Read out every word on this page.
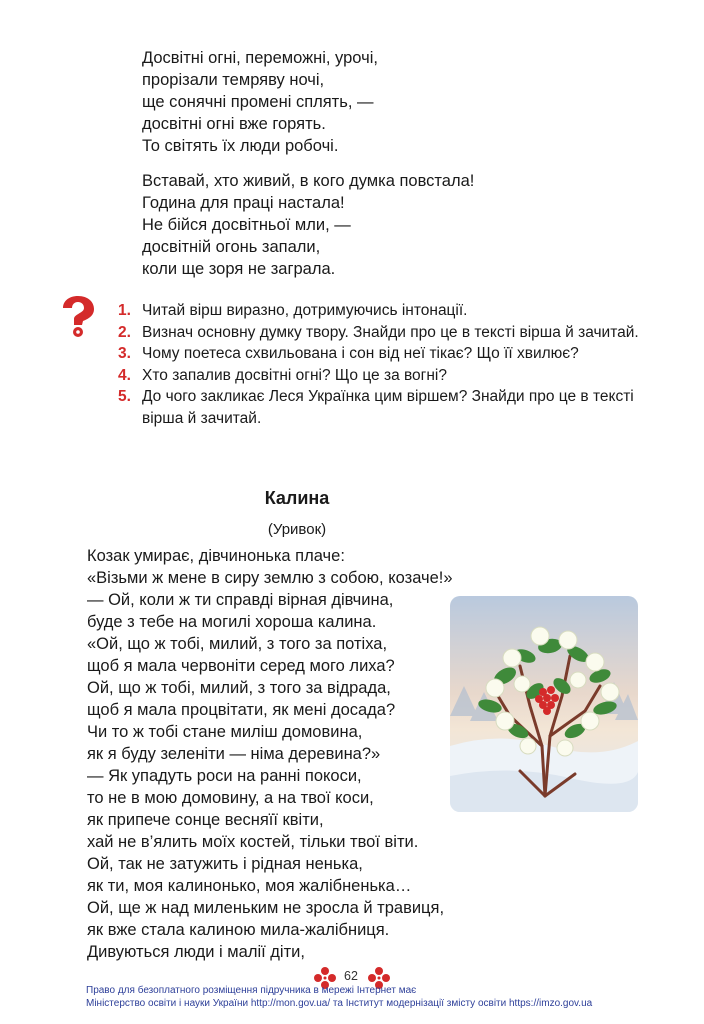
Досвітні огні, переможні, урочі,
прорізали темряву ночі,
ще сонячні промені сплять, —
досвітні огні вже горять.
То світять їх люди робочі.
Вставай, хто живий, в кого думка повстала!
Година для праці настала!
Не бійся досвітньої мли, —
досвітній огонь запали,
коли ще зоря не заграла.
1. Читай вірш виразно, дотримуючись інтонації.
2. Визнач основну думку твору. Знайди про це в тексті вірша й зачитай.
3. Чому поетеса схвильована і сон від неї тікає? Що її хвилює?
4. Хто запалив досвітні огні? Що це за вогні?
5. До чого закликає Леся Українка цим віршем? Знайди про це в тексті вірша й зачитай.
Калина
(Уривок)
Козак умирає, дівчинонька плаче:
«Візьми ж мене в сиру землю з собою, козаче!»
— Ой, коли ж ти справді вірная дівчина,
буде з тебе на могилі хороша калина.
«Ой, що ж тобі, милий, з того за потіха,
щоб я мала червоніти серед мого лиха?
Ой, що ж тобі, милий, з того за відрада,
щоб я мала процвітати, як мені досада?
Чи то ж тобі стане миліш домовина,
як я буду зеленіти — німа деревина?»
— Як упадуть роси на ранні покоси,
то не в мою домовину, а на твої коси,
як припече сонце весняїї квіти,
хай не в’ялить моїх костей, тільки твої віти.
Ой, так не затужить і рідная ненька,
як ти, моя калинонько, моя жалібненька…
Ой, ще ж над миленьким не зросла й травиця,
як вже стала калиною мила-жалібниця.
Дивуються люди і малії діти,
62
Право для безоплатного розміщення підручника в мережі Інтернет має
Міністерство освіти і науки України http://mon.gov.ua/ та Інститут модернізації змісту освіти https://imzo.gov.ua
